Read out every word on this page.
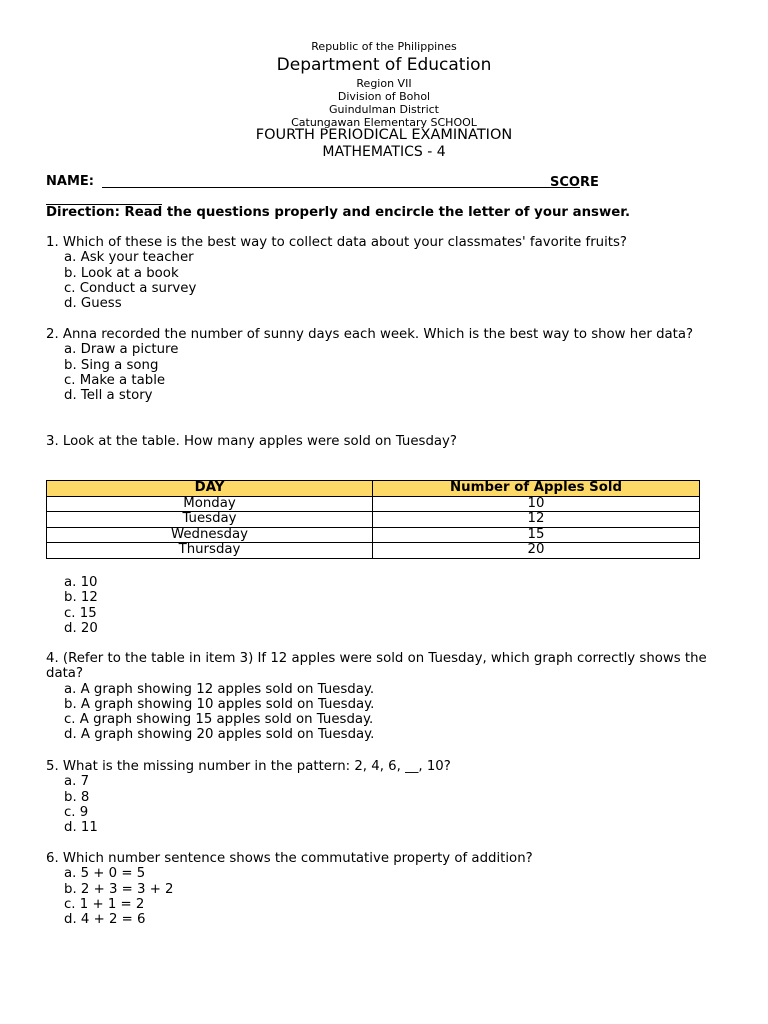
Republic of the Philippines
Department of Education
Region VII
Division of Bohol
Guindulman District
Catungawan Elementary SCHOOL
FOURTH PERIODICAL EXAMINATION
MATHEMATICS - 4
NAME:	SCORE
Direction: Read the questions properly and encircle the letter of your answer.

1. Which of these is the best way to collect data about your classmates' favorite fruits?

a. Ask your teacher

b. Look at a book

c. Conduct a survey

d. Guess

2. Anna recorded the number of sunny days each week. Which is the best way to show her data?

a. Draw a picture

b. Sing a song

c. Make a table

d. Tell a story

3. Look at the table. How many apples were sold on Tuesday?

DAY	Number of Apples Sold
Monday	10
Tuesday	12
Wednesday	15
Thursday	20

a. 10

b. 12

c. 15

d. 20

4. (Refer to the table in item 3) If 12 apples were sold on Tuesday, which graph correctly shows the data?

a. A graph showing 12 apples sold on Tuesday.

b. A graph showing 10 apples sold on Tuesday.

c. A graph showing 15 apples sold on Tuesday.

d. A graph showing 20 apples sold on Tuesday.

5. What is the missing number in the pattern: 2, 4, 6, __, 10?

a. 7

b. 8

c. 9

d. 11

6. Which number sentence shows the commutative property of addition?

a. 5 + 0 = 5

b. 2 + 3 = 3 + 2

c. 1 + 1 = 2

d. 4 + 2 = 6
